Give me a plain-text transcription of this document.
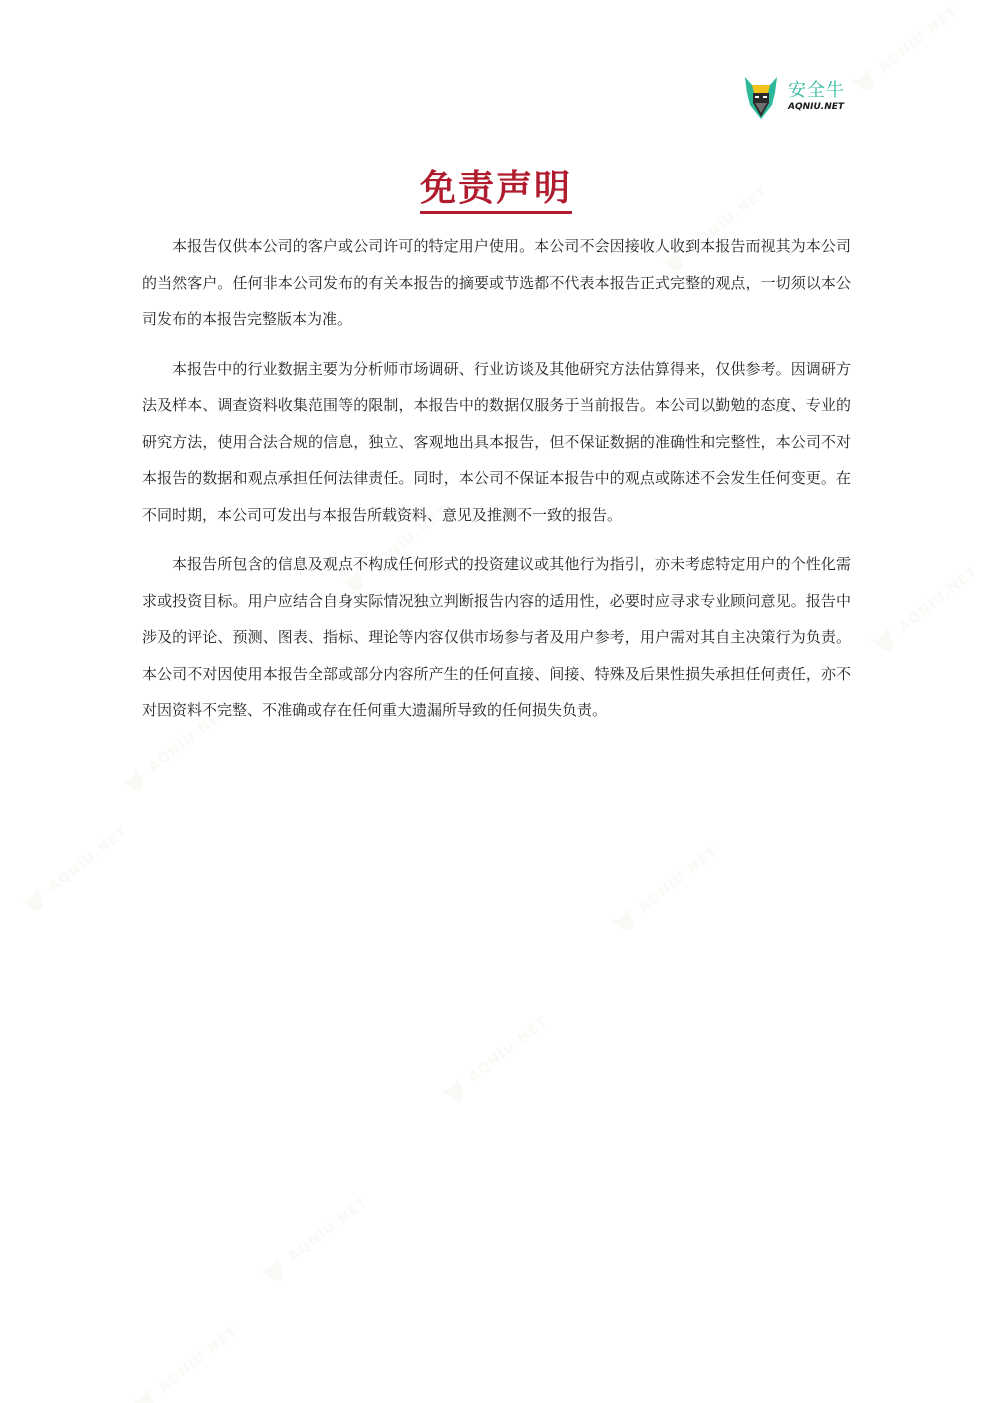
AQNIU.NET
AQNIU.NET
AQNIU.NET
AQNIU.NET
AQNIU.NET
AQNIU.NET
AQNIU.NET
AQNIU.NET
AQNIU.NET
AQNIU.NET
安全牛
AQNIU.NET
免责声明

本报告仅供本公司的客户或公司许可的特定用户使用。本公司不会因接收人收到本报告而视其为本公司的当然客户。任何非本公司发布的有关本报告的摘要或节选都不代表本报告正式完整的观点，一切须以本公司发布的本报告完整版本为准。

本报告中的行业数据主要为分析师市场调研、行业访谈及其他研究方法估算得来，仅供参考。因调研方法及样本、调查资料收集范围等的限制，本报告中的数据仅服务于当前报告。本公司以勤勉的态度、专业的研究方法，使用合法合规的信息，独立、客观地出具本报告，但不保证数据的准确性和完整性，本公司不对本报告的数据和观点承担任何法律责任。同时，本公司不保证本报告中的观点或陈述不会发生任何变更。在不同时期，本公司可发出与本报告所载资料、意见及推测不一致的报告。

本报告所包含的信息及观点不构成任何形式的投资建议或其他行为指引，亦未考虑特定用户的个性化需求或投资目标。用户应结合自身实际情况独立判断报告内容的适用性，必要时应寻求专业顾问意见。报告中涉及的评论、预测、图表、指标、理论等内容仅供市场参与者及用户参考，用户需对其自主决策行为负责。本公司不对因使用本报告全部或部分内容所产生的任何直接、间接、特殊及后果性损失承担任何责任，亦不对因资料不完整、不准确或存在任何重大遗漏所导致的任何损失负责。
